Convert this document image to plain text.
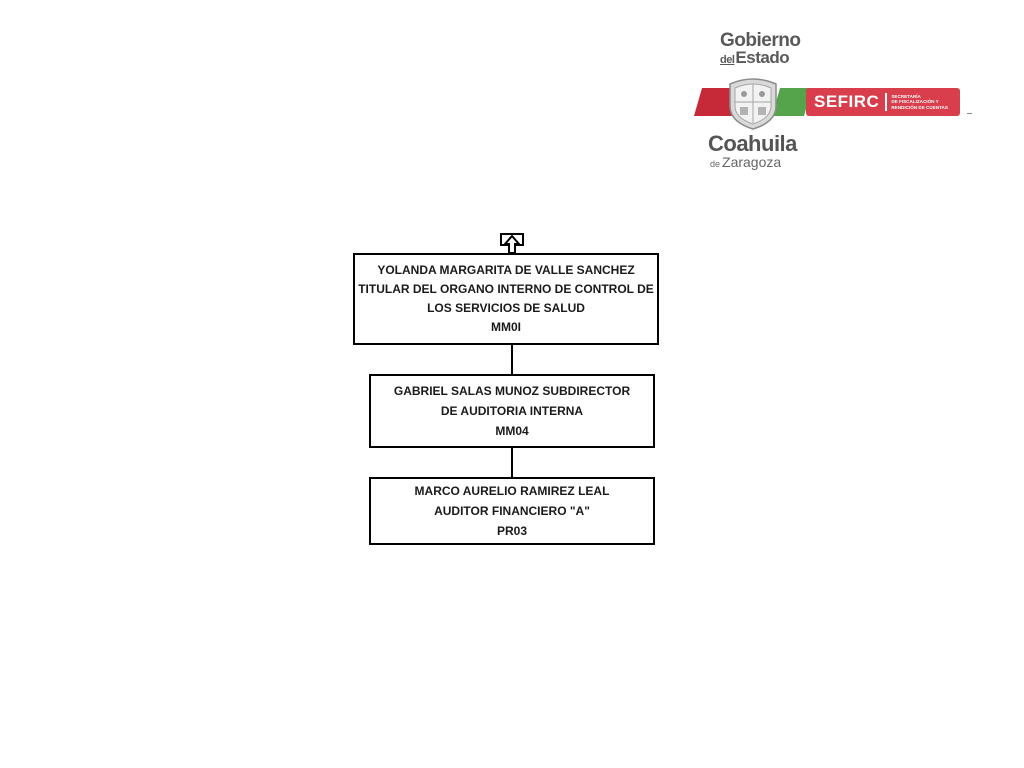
Gobierno
delEstado
SEFIRC	SECRETARÍA
DE FISCALIZACIÓN Y
RENDICIÓN DE CUENTAS
Coahuila
de Zaragoza
YOLANDA MARGARITA DE VALLE SANCHEZ
TITULAR DEL ORGANO INTERNO DE CONTROL DE
LOS SERVICIOS DE SALUD
MM0I
GABRIEL SALAS MUNOZ SUBDIRECTOR
DE AUDITORIA INTERNA
MM04
MARCO AURELIO RAMIREZ LEAL
AUDITOR FINANCIERO "A"
PR03
